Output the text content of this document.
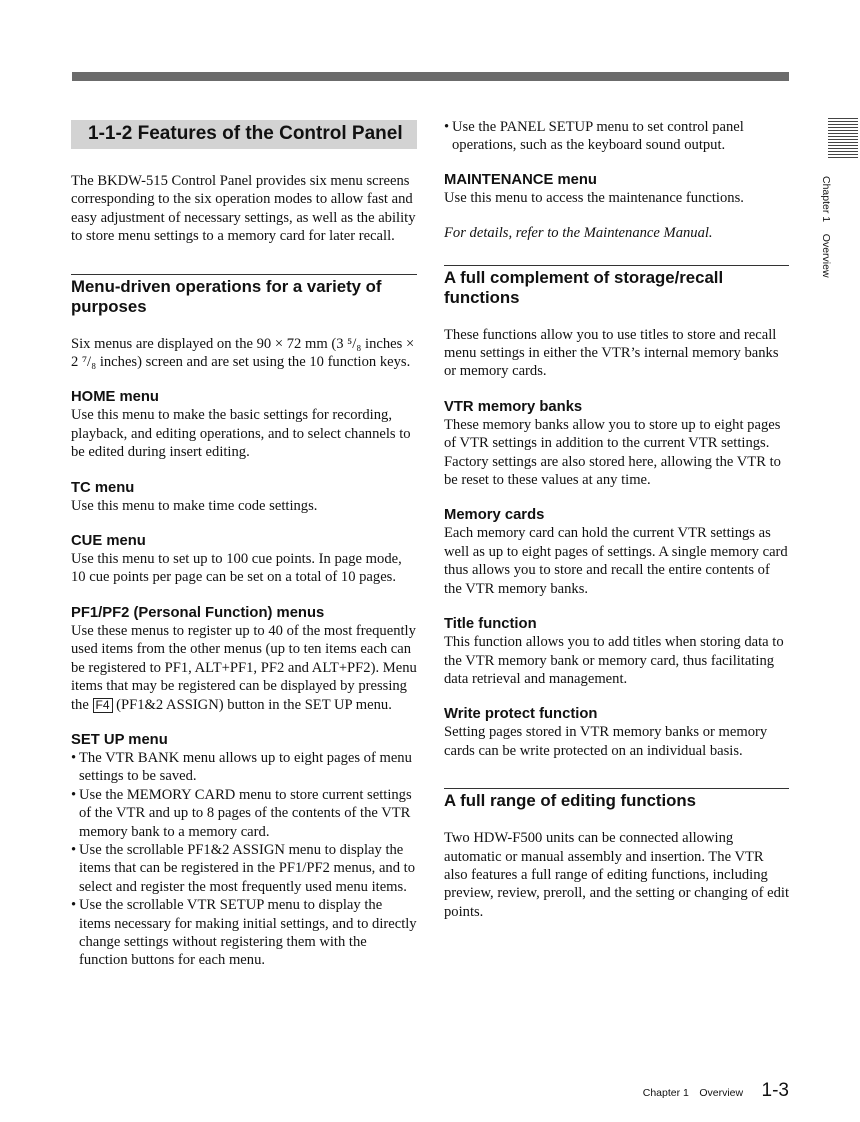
1-1-2 Features of the Control Panel

The BKDW-515 Control Panel provides six menu screens corresponding to the six operation modes to allow fast and easy adjustment of necessary settings, as well as the ability to store menu settings to a memory card for later recall.

Menu-driven operations for a variety of purposes

Six menus are displayed on the 90 × 72 mm (3 ⁵/₈ inches × 2 ⁷/₈ inches) screen and are set using the 10 function keys.

HOME menu

Use this menu to make the basic settings for recording, playback, and editing operations, and to select channels to be edited during insert editing.

TC menu

Use this menu to make time code settings.

CUE menu

Use this menu to set up to 100 cue points. In page mode, 10 cue points per page can be set on a total of 10 pages.

PF1/PF2 (Personal Function) menus

Use these menus to register up to 40 of the most frequently used items from the other menus (up to ten items each can be registered to PF1, ALT+PF1, PF2 and ALT+PF2). Menu items that may be registered can be displayed by pressing the F4 (PF1&2 ASSIGN) button in the SET UP menu.

SET UP menu
• The VTR BANK menu allows up to eight pages of menu settings to be saved.
• Use the MEMORY CARD menu to store current settings of the VTR and up to 8 pages of the contents of the VTR memory bank to a memory card.
• Use the scrollable PF1&2 ASSIGN menu to display the items that can be registered in the PF1/PF2 menus, and to select and register the most frequently used menu items.
• Use the scrollable VTR SETUP menu to display the items necessary for making initial settings, and to directly change settings without registering them with the function buttons for each menu.
• Use the PANEL SETUP menu to set control panel operations, such as the keyboard sound output.
MAINTENANCE menu

Use this menu to access the maintenance functions.

For details, refer to the Maintenance Manual.

A full complement of storage/recall functions

These functions allow you to use titles to store and recall menu settings in either the VTR’s internal memory banks or memory cards.

VTR memory banks

These memory banks allow you to store up to eight pages of VTR settings in addition to the current VTR settings. Factory settings are also stored here, allowing the VTR to be reset to these values at any time.

Memory cards

Each memory card can hold the current VTR settings as well as up to eight pages of settings. A single memory card thus allows you to store and recall the entire contents of the VTR memory banks.

Title function

This function allows you to add titles when storing data to the VTR memory bank or memory card, thus facilitating data retrieval and management.

Write protect function

Setting pages stored in VTR memory banks or memory cards can be write protected on an individual basis.

A full range of editing functions

Two HDW-F500 units can be connected allowing automatic or manual assembly and insertion. The VTR also features a full range of editing functions, including preview, review, preroll, and the setting or changing of edit points.

Chapter 1    Overview
Chapter 1 Overview 1-3
